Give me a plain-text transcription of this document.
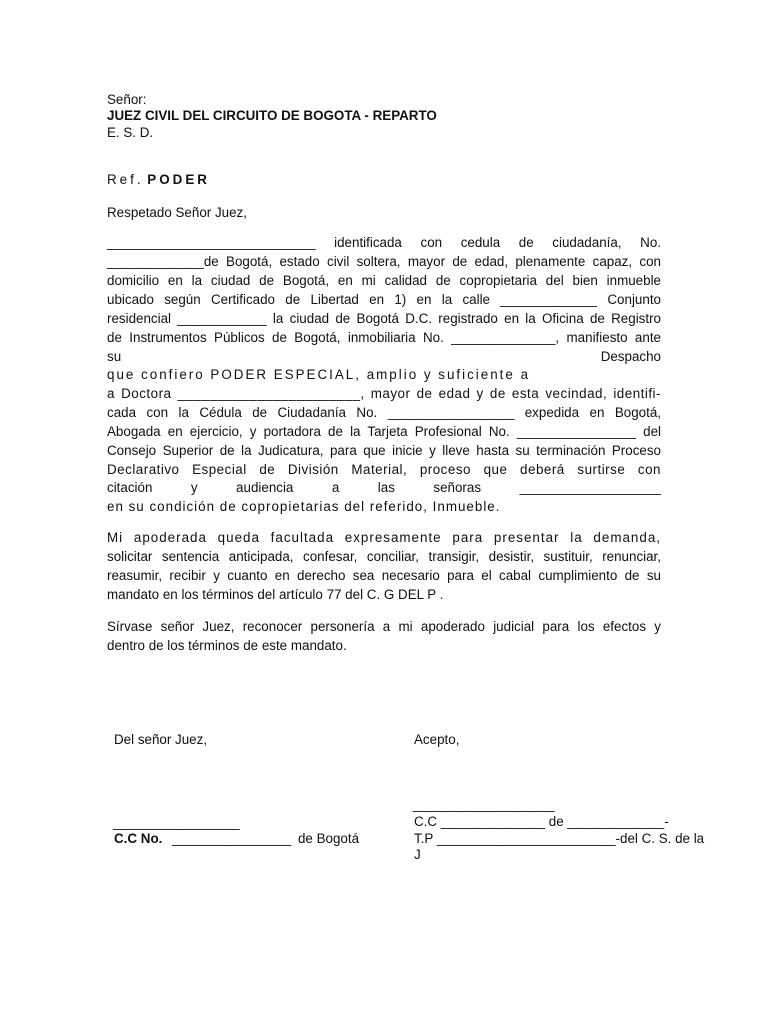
Señor:
JUEZ CIVIL DEL CIRCUITO DE BOGOTA - REPARTO
E. S. D.
Ref. PODER
Respetado Señor Juez,
____________________________ identificada con cedula de ciudadanía, No.
_____________de Bogotá, estado civil soltera, mayor de edad, plenamente capaz, con
domicilio en la ciudad de Bogotá, en mi calidad de copropietaria del bien inmueble
ubicado según Certificado de Libertad en 1) en la calle _____________ Conjunto
residencial ____________ la ciudad de Bogotá D.C. registrado en la Oficina de Registro
de Instrumentos Públicos de Bogotá, inmobiliaria No. ______________, manifiesto ante
su Despacho
que confiero PODER ESPECIAL, amplio y suficiente a
a Doctora _______________________, mayor de edad y de esta vecindad, identifi-
cada con la Cédula de Ciudadanía No. _________________ expedida en Bogotá,
Abogada en ejercicio, y portadora de la Tarjeta Profesional No. ________________ del
Consejo Superior de la Judicatura, para que inicie y lleve hasta su terminación Proceso
Declarativo Especial de División Material, proceso que deberá surtirse con
citación y audiencia a las señoras ___________________
en su condición de copropietarias del referido, Inmueble.
Mi apoderada queda facultada expresamente para presentar la demanda,
solicitar sentencia anticipada, confesar, conciliar, transigir, desistir, sustituir, renunciar,
reasumir, recibir y cuanto en derecho sea necesario para el cabal cumplimiento de su
mandato en los términos del artículo 77 del C. G DEL P .
Sírvase señor Juez, reconocer personería a mi apoderado judicial para los efectos y
dentro de los términos de este mandato.
Del señor Juez,	Acepto,
___________________
_________________	C.C ______________ de _____________-
C.C No. ________________ de Bogotá	T.P ________________________-del C. S. de la
J
